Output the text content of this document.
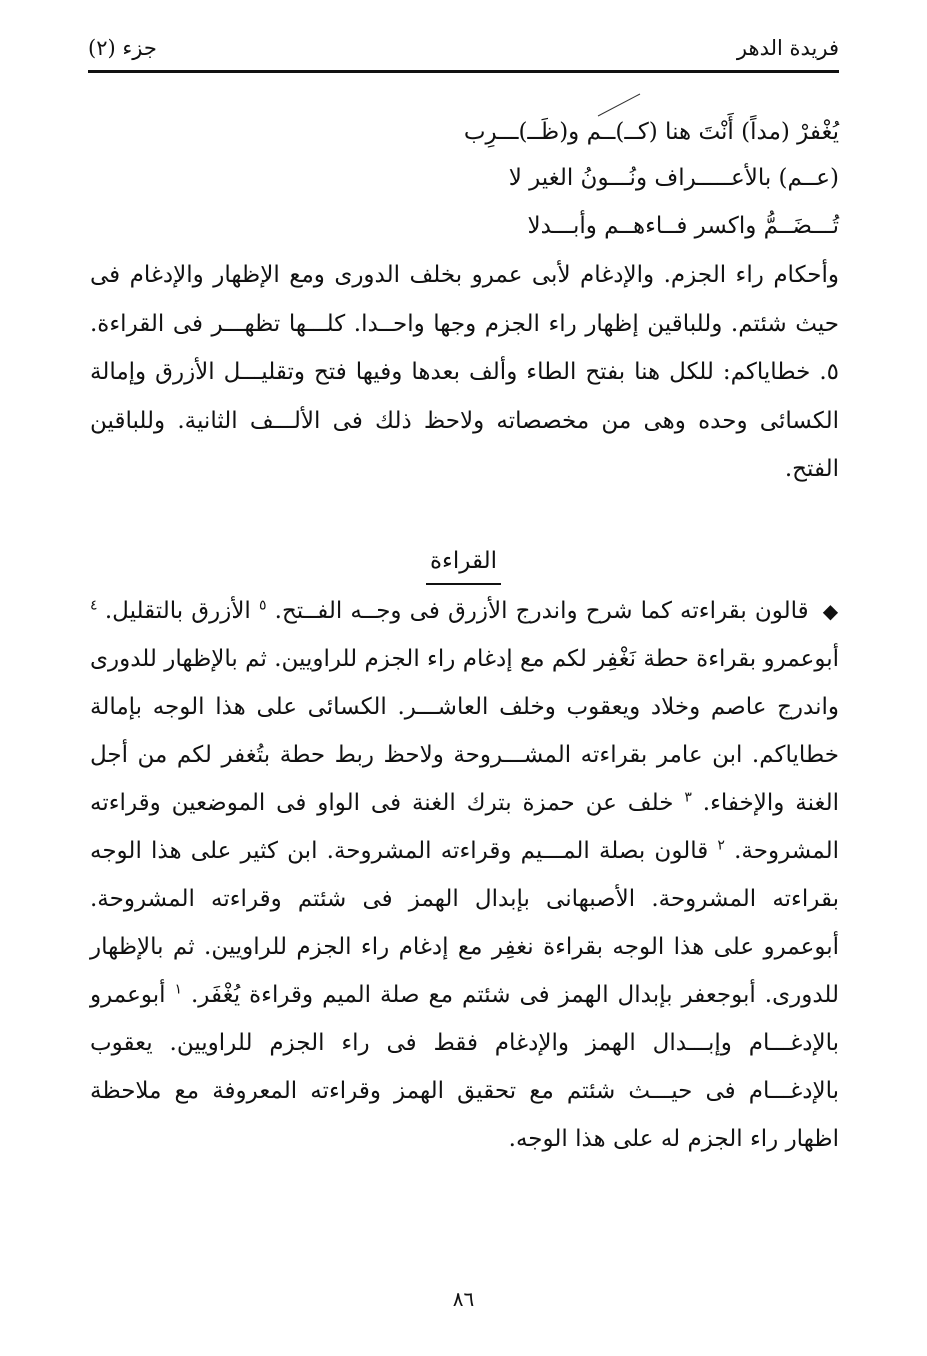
فريدة الدهر
جزء (٢)
يُغْفرْ (مداً) أَنْتَ هنا (كــ)ــم و(ظَــ)ـــرِب
(عــم) بالأعـــــراف ونُـــونُ الغير لا
تُـــضَــمُّ واكسر فــاءهــم وأبـــدلا
وأحكام راء الجزم. والإدغام لأبى عمرو بخلف الدورى ومع الإظهار والإدغام فى حيث شئتم. وللباقين إظهار راء الجزم وجها واحــدا. كلـــها تظهـــر فى القراءة. ٥. خطاياكم: للكل هنا بفتح الطاء وألف بعدها وفيها فتح وتقليـــل الأزرق وإمالة الكسائى وحده وهى من مخصصاته ولاحظ ذلك فى الألـــف الثانية. وللباقين الفتح.
القراءة
◆ قالون بقراءته كما شرح واندرج الأزرق فى وجــه الفــتح. $^٥$ الأزرق بالتقليل. $^٤$ أبوعمرو بقراءة حطة نَغْفِر لكم مع إدغام راء الجزم للراويين. ثم بالإظهار للدورى واندرج عاصم وخلاد ويعقوب وخلف العاشـــر. الكسائى على هذا الوجه بإمالة خطاياكم. ابن عامر بقراءته المشـــروحة ولاحظ ربط حطة بتُغفر لكم من أجل الغنة والإخفاء. $^٣$ خلف عن حمزة بترك الغنة فى الواو فى الموضعين وقراءته المشروحة. $^٢$ قالون بصلة المـــيم وقراءته المشروحة. ابن كثير على هذا الوجه بقراءته المشروحة. الأصبهانى بإبدال الهمز فى شئتم وقراءته المشروحة. أبوعمرو على هذا الوجه بقراءة نغفِر مع إدغام راء الجزم للراويين. ثم بالإظهار للدورى. أبوجعفر بإبدال الهمز فى شئتم مع صلة الميم وقراءة يُغْفَر. $^١$ أبوعمرو بالإدغـــام وإبـــدال الهمز والإدغام فقط فى راء الجزم للراويين. يعقوب بالإدغـــام فى حيـــث شئتم مع تحقيق الهمز وقراءته المعروفة مع ملاحظة اظهار راء الجزم له على هذا الوجه.
٨٦
